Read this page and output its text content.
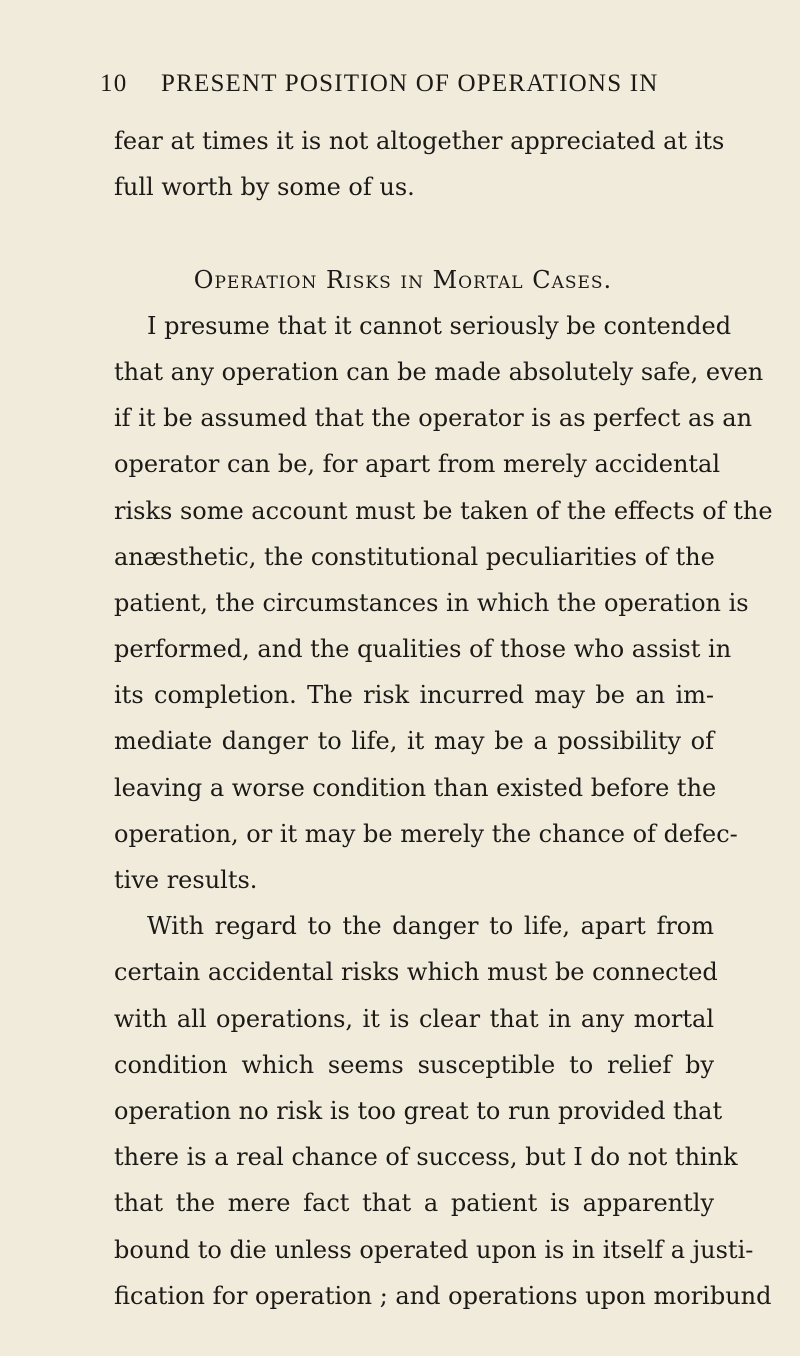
10 PRESENT POSITION OF OPERATIONS IN
fear at times it is not altogether appreciated at its
full worth by some of us.
Operation Risks in Mortal Cases.
I presume that it cannot seriously be contended
that any operation can be made absolutely safe, even
if it be assumed that the operator is as perfect as an
operator can be, for apart from merely accidental
risks some account must be taken of the effects of the
anæsthetic, the constitutional peculiarities of the
patient, the circumstances in which the operation is
performed, and the qualities of those who assist in
its completion. The risk incurred may be an im-
mediate danger to life, it may be a possibility of
leaving a worse condition than existed before the
operation, or it may be merely the chance of defec-
tive results.
With regard to the danger to life, apart from
certain accidental risks which must be connected
with all operations, it is clear that in any mortal
condition which seems susceptible to relief by
operation no risk is too great to run provided that
there is a real chance of success, but I do not think
that the mere fact that a patient is apparently
bound to die unless operated upon is in itself a justi-
fication for operation ; and operations upon moribund
